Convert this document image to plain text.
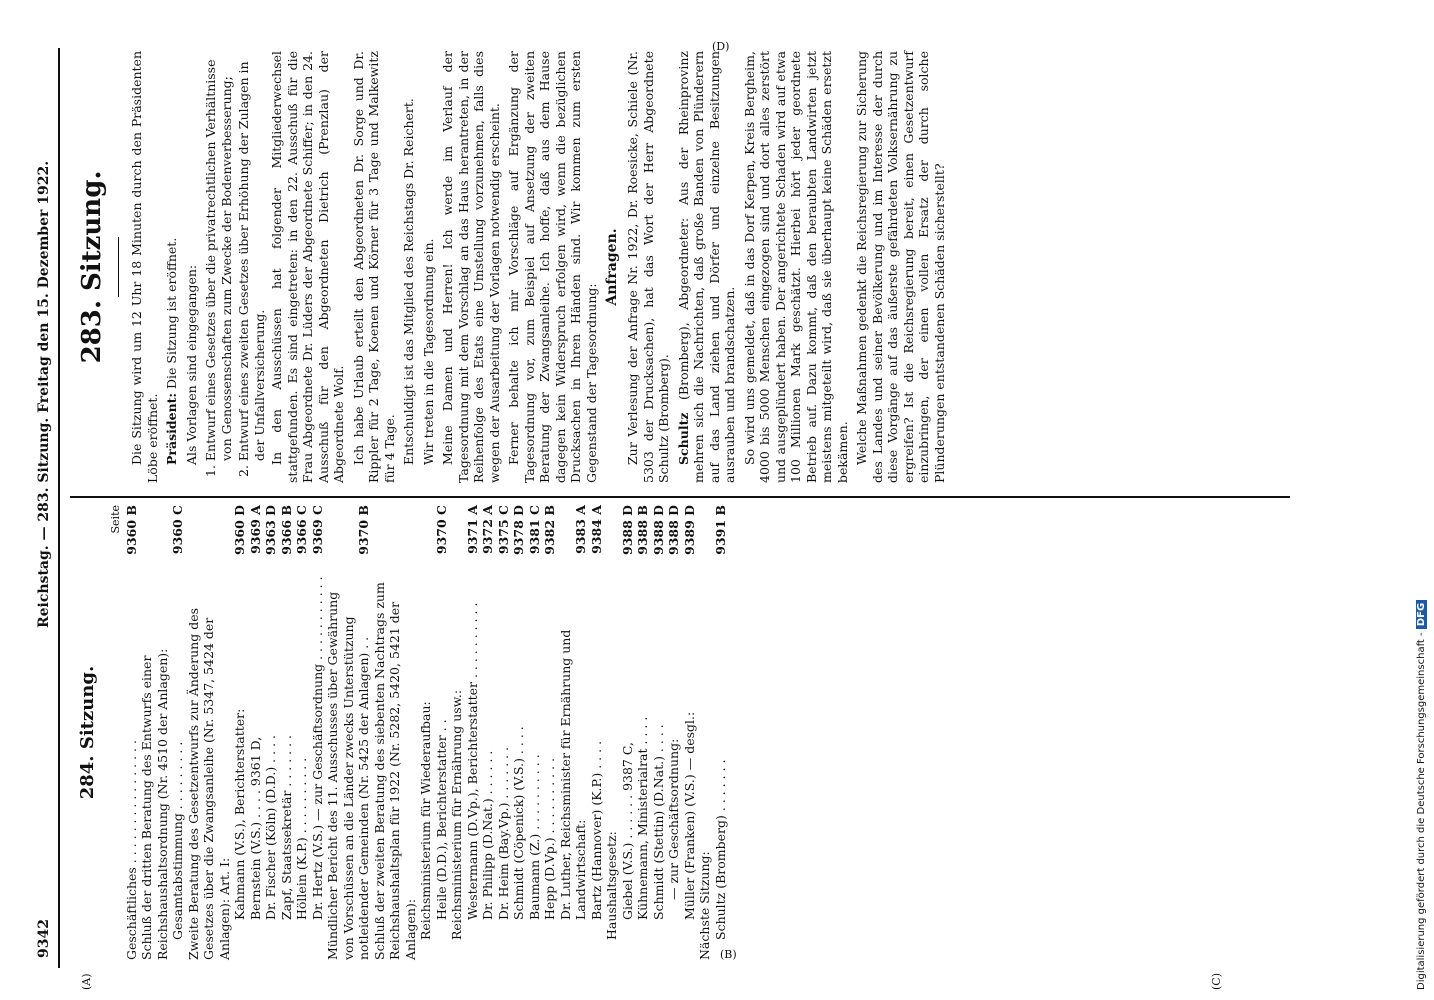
9342
Reichstag. — 283. Sitzung. Freitag den 15. Dezember 1922.
(A)	(C)
284. Sitzung.
Seite
Geschäftliches . . . . . . . . . . . . . . . .
9360 B
Schluß der dritten Beratung des Entwurfs einer Reichshaushaltsordnung (Nr. 4510 der Anlagen): Gesamtabstimmung . . . . . . . . .
9360 C
Zweite Beratung des Gesetzentwurfs zur Änderung des Gesetzes über die Zwangsanleihe (Nr. 5347, 5424 der Anlagen): Art. I: Kahmann (V.S.), Berichterstatter:
9360 D
Bernstein (V.S.) . . . . 9361 D,
9369 A
Dr. Fischer (Köln) (D.D.) . . . .
9363 D
Zapf, Staatssekretär . . . . . . .
9366 B
Höllein (K.P.) . . . . . . . . . .
9366 C
Dr. Hertz (V.S.) — zur Geschäftsordnung . . . . . . . . . . .
9369 C
Mündlicher Bericht des 11. Ausschusses über Gewährung von Vorschüssen an die Länder zwecks Unterstützung notleidender Gemeinden (Nr. 5425 der Anlagen) . .
9370 B
Schluß der zweiten Beratung des siebenten Nachtrags zum Reichshaushaltsplan für 1922 (Nr. 5282, 5420, 5421 der Anlagen): Reichsministerium für Wiederaufbau: Heile (D.D.), Berichterstatter . .
9370 C
Reichsministerium für Ernährung usw.: Westermann (D.Vp.), Berichterstatter . . . . . . . . . .
9371 A
Dr. Philipp (D.Nat.) . . . . . .
9372 A
Dr. Heim (Bay.Vp.) . . . . . . .
9375 C
Schmidt (Cöpenick) (V.S.) . . . .
9378 D
Baumann (Z.) . . . . . . . . . .
9381 C
Hepp (D.Vp.) . . . . . . . . . .
9382 B
Dr. Luther, Reichsminister für Ernährung und Landwirtschaft:
9383 A
Bartz (Hannover) (K.P.) . . . .
9384 A
Haushaltsgesetz: Giebel (V.S.) . . . . . . 9387 C,
9388 D
Kühnemann, Ministerialrat . . . .
9388 B
Schmidt (Stettin) (D.Nat.) . . . .
9388 D
— zur Geschäftsordnung:
9388 D
Müller (Franken) (V.S.) — desgl.:
9389 D
Nächste Sitzung: Schultz (Bromberg) . . . . . . .
9391 B
283. Sitzung. Die Sitzung wird um 12 Uhr 18 Minuten durch den Präsidenten Löbe eröffnet. Präsident: Die Sitzung ist eröffnet. Als Vorlagen sind eingegangen: 1. Entwurf eines Gesetzes über die privatrechtlichen Verhältnisse von Genossenschaften zum Zwecke der Bodenverbesserung; 2. Entwurf eines zweiten Gesetzes über Erhöhung der Zulagen in der Unfallversicherung. In den Ausschüssen hat folgender Mitgliederwechsel stattgefunden. Es sind eingetreten: in den 22. Ausschuß für die Frau Abgeordnete Dr. Lüders der Abgeordnete Schiffer; in den 24. Ausschuß für den Abgeordneten Dietrich (Prenzlau) der Abgeordnete Wolf. Ich habe Urlaub erteilt den Abgeordneten Dr. Sorge und Dr. Rippler für 2 Tage, Koenen und Körner für 3 Tage und Malkewitz für 4 Tage. Entschuldigt ist das Mitglied des Reichstags Dr. Reichert. Wir treten in die Tagesordnung ein. Meine Damen und Herren! Ich werde im Verlauf der Tagesordnung mit dem Vorschlag an das Haus herantreten, in der Reihenfolge des Etats eine Umstellung vorzunehmen, falls dies wegen der Ausarbeitung der Vorlagen notwendig erscheint. Ferner behalte ich mir Vorschläge auf Ergänzung der Tagesordnung vor, zum Beispiel auf Ansetzung der zweiten Beratung der Zwangsanleihe. Ich hoffe, daß aus dem Hause dagegen kein Widerspruch erfolgen wird, wenn die bezüglichen Drucksachen in Ihren Händen sind. Wir kommen zum ersten Gegenstand der Tagesordnung:

Anfragen. Zur Verlesung der Anfrage Nr. 1922, Dr. Roesicke, Schiele (Nr. 5303 der Drucksachen), hat das Wort der Herr Abgeordnete Schultz (Bromberg). Schultz (Bromberg), Abgeordneter: Aus der Rheinprovinz mehren sich die Nachrichten, daß große Banden von Plünderern auf das Land ziehen und Dörfer und einzelne Besitzungen ausrauben und brandschatzen. So wird uns gemeldet, daß in das Dorf Kerpen, Kreis Bergheim, 4000 bis 5000 Menschen eingezogen sind und dort alles zerstört und ausgeplündert haben. Der angerichtete Schaden wird auf etwa 100 Millionen Mark geschätzt. Hierbei hört jeder geordnete Betrieb auf. Dazu kommt, daß den beraubten Landwirten jetzt meistens mitgeteilt wird, daß sie überhaupt keine Schäden ersetzt bekämen. Welche Maßnahmen gedenkt die Reichsregierung zur Sicherung des Landes und seiner Bevölkerung und im Interesse der durch diese Vorgänge auf das äußerste gefährdeten Volksernährung zu ergreifen? Ist die Reichsregierung bereit, einen Gesetzentwurf einzubringen, der einen vollen Ersatz der durch solche Plünderungen entstandenen Schäden sicherstellt?

(B)
(D)
Digitalisierung gefördert durch die Deutsche Forschungsgemeinschaft - DFG
